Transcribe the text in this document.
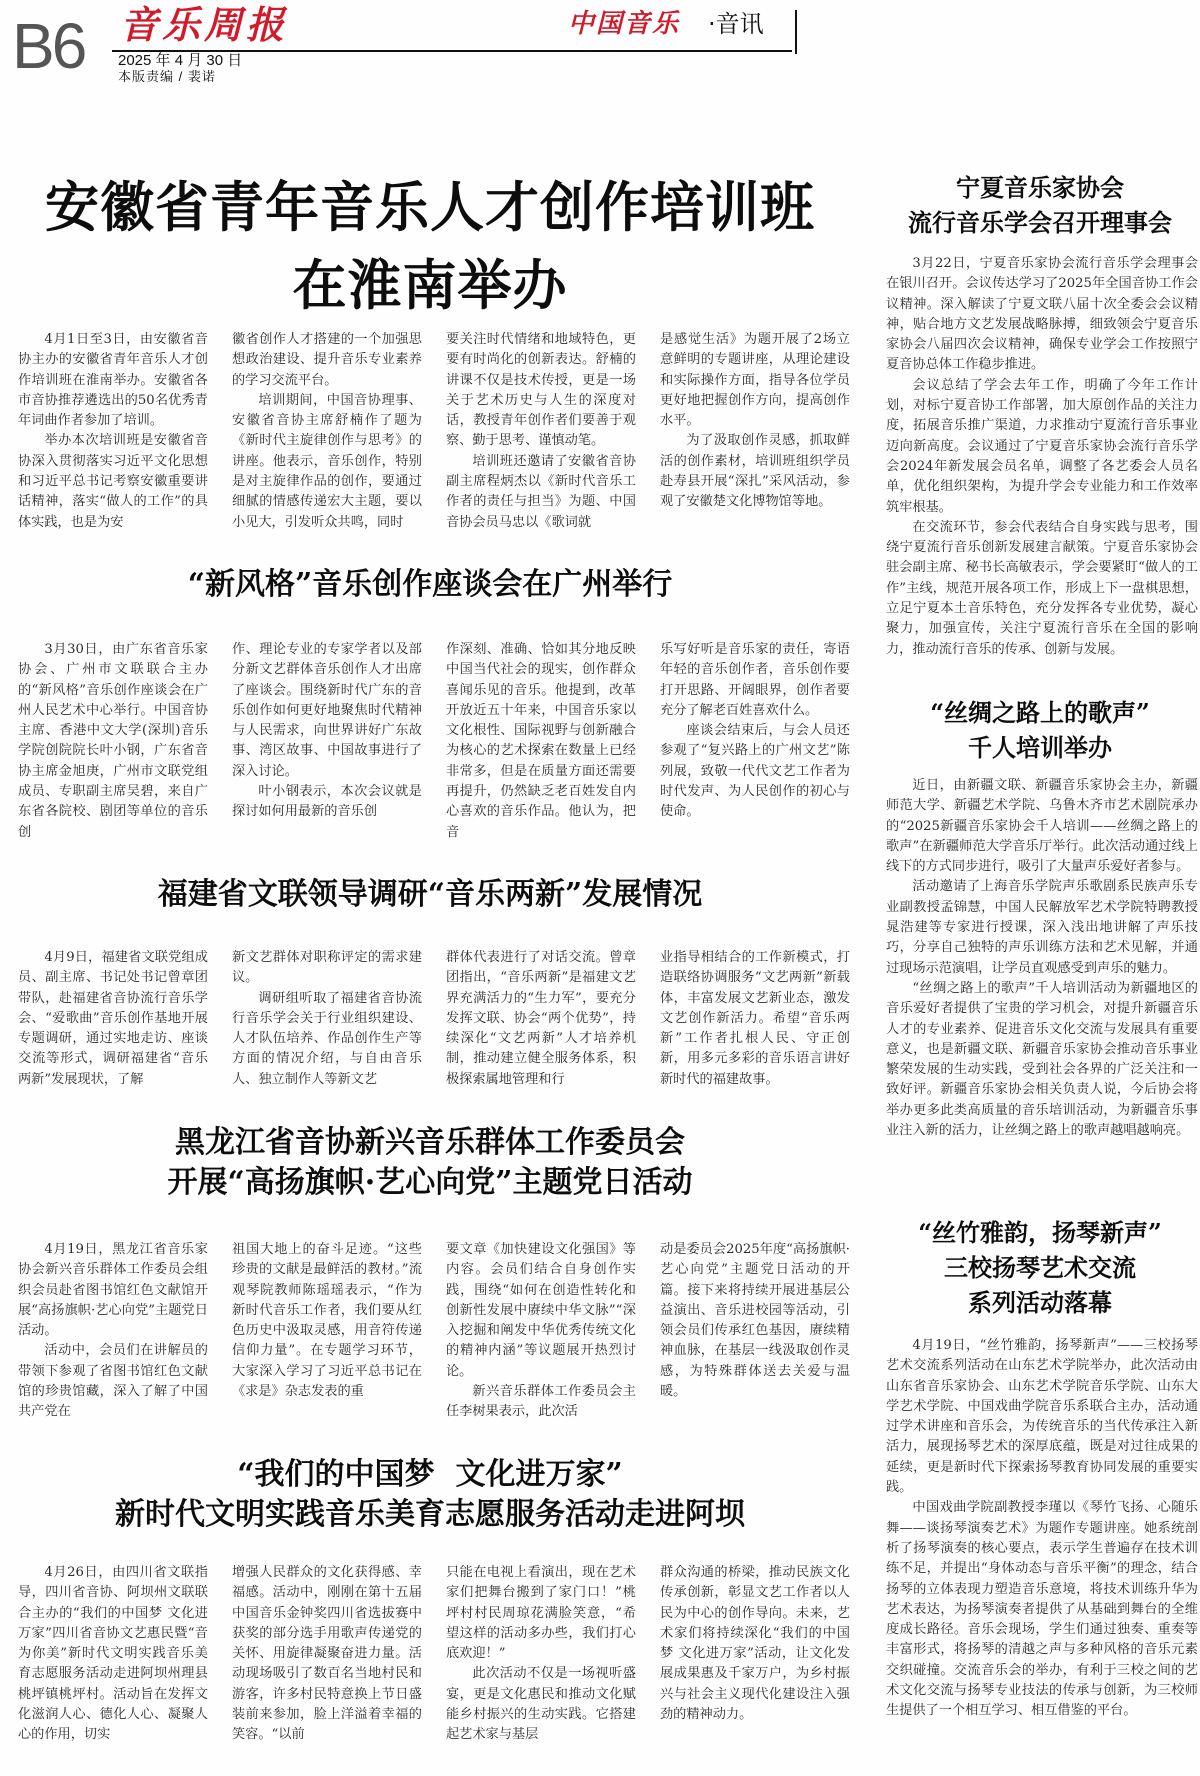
B6 音乐周报
2025 年 4 月 30 日
本版责编 / 裴诺
中国音乐 ·音讯
安徽省青年音乐人才创作培训班
在淮南举办

4月1日至3日，由安徽省音协主办的安徽省青年音乐人才创作培训班在淮南举办。安徽省各市音协推荐遴选出的50名优秀青年词曲作者参加了培训。

举办本次培训班是安徽省音协深入贯彻落实习近平文化思想和习近平总书记考察安徽重要讲话精神，落实“做人的工作”的具体实践，也是为安

徽省创作人才搭建的一个加强思想政治建设、提升音乐专业素养的学习交流平台。

培训期间，中国音协理事、安徽省音协主席舒楠作了题为《新时代主旋律创作与思考》的讲座。他表示，音乐创作，特别是对主旋律作品的创作，要通过细腻的情感传递宏大主题，要以小见大，引发听众共鸣，同时

要关注时代情绪和地域特色，更要有时尚化的创新表达。舒楠的讲课不仅是技术传授，更是一场关于艺术历史与人生的深度对话，教授青年创作者们要善于观察、勤于思考、谨慎动笔。

培训班还邀请了安徽省音协副主席程炳杰以《新时代音乐工作者的责任与担当》为题、中国音协会员马忠以《歌词就

是感觉生活》为题开展了2场立意鲜明的专题讲座，从理论建设和实际操作方面，指导各位学员更好地把握创作方向，提高创作水平。

为了汲取创作灵感，抓取鲜活的创作素材，培训班组织学员赴寿县开展“深扎”采风活动，参观了安徽楚文化博物馆等地。

“新风格”音乐创作座谈会在广州举行

3月30日，由广东省音乐家协会、广州市文联联合主办的“新风格”音乐创作座谈会在广州人民艺术中心举行。中国音协主席、香港中文大学(深圳)音乐学院创院院长叶小钢，广东省音协主席金旭庚，广州市文联党组成员、专职副主席吴碧，来自广东省各院校、剧团等单位的音乐创

作、理论专业的专家学者以及部分新文艺群体音乐创作人才出席了座谈会。围绕新时代广东的音乐创作如何更好地聚焦时代精神与人民需求，向世界讲好广东故事、湾区故事、中国故事进行了深入讨论。

叶小钢表示，本次会议就是探讨如何用最新的音乐创

作深刻、准确、恰如其分地反映中国当代社会的现实，创作群众喜闻乐见的音乐。他提到，改革开放近五十年来，中国音乐家以文化根性、国际视野与创新融合为核心的艺术探索在数量上已经非常多，但是在质量方面还需要再提升，仍然缺乏老百姓发自内心喜欢的音乐作品。他认为，把音

乐写好听是音乐家的责任，寄语年轻的音乐创作者，音乐创作要打开思路、开阔眼界，创作者要充分了解老百姓喜欢什么。

座谈会结束后，与会人员还参观了“复兴路上的广州文艺”陈列展，致敬一代代文艺工作者为时代发声、为人民创作的初心与使命。

福建省文联领导调研“音乐两新”发展情况

4月9日，福建省文联党组成员、副主席、书记处书记曾章团带队，赴福建省音协流行音乐学会、“爱歌曲”音乐创作基地开展专题调研，通过实地走访、座谈交流等形式，调研福建省“音乐两新”发展现状，了解

新文艺群体对职称评定的需求建议。

调研组听取了福建省音协流行音乐学会关于行业组织建设、人才队伍培养、作品创作生产等方面的情况介绍，与自由音乐人、独立制作人等新文艺

群体代表进行了对话交流。曾章团指出，“音乐两新”是福建文艺界充满活力的“生力军”，要充分发挥文联、协会“两个优势”，持续深化“文艺两新”人才培养机制，推动建立健全服务体系，积极探索属地管理和行

业指导相结合的工作新模式，打造联络协调服务“文艺两新”新载体，丰富发展文艺新业态，激发文艺创作新活力。希望“音乐两新”工作者扎根人民、守正创新，用多元多彩的音乐语言讲好新时代的福建故事。

黑龙江省音协新兴音乐群体工作委员会
开展“高扬旗帜·艺心向党”主题党日活动

4月19日，黑龙江省音乐家协会新兴音乐群体工作委员会组织会员赴省图书馆红色文献馆开展“高扬旗帜·艺心向党”主题党日活动。

活动中，会员们在讲解员的带领下参观了省图书馆红色文献馆的珍贵馆藏，深入了解了中国共产党在

祖国大地上的奋斗足迹。“这些珍贵的文献是最鲜活的教材。”流观琴院教师陈瑶瑶表示，“作为新时代音乐工作者，我们要从红色历史中汲取灵感，用音符传递信仰力量”。在专题学习环节，大家深入学习了习近平总书记在《求是》杂志发表的重

要文章《加快建设文化强国》等内容。会员们结合自身创作实践，围绕“如何在创造性转化和创新性发展中赓续中华文脉”“深入挖掘和阐发中华优秀传统文化的精神内涵”等议题展开热烈讨论。

新兴音乐群体工作委员会主任李树果表示，此次活

动是委员会2025年度“高扬旗帜·艺心向党”主题党日活动的开篇。接下来将持续开展进基层公益演出、音乐进校园等活动，引领会员们传承红色基因，赓续精神血脉，在基层一线汲取创作灵感，为特殊群体送去关爱与温暖。

“我们的中国梦  文化进万家”
新时代文明实践音乐美育志愿服务活动走进阿坝

4月26日，由四川省文联指导，四川省音协、阿坝州文联联合主办的“我们的中国梦 文化进万家”四川省音协文艺惠民暨“音为你美”新时代文明实践音乐美育志愿服务活动走进阿坝州理县桃坪镇桃坪村。活动旨在发挥文化滋润人心、德化人心、凝聚人心的作用，切实

增强人民群众的文化获得感、幸福感。活动中，刚刚在第十五届中国音乐金钟奖四川省选拔赛中获奖的部分选手用歌声传递党的关怀、用旋律凝聚奋进力量。活动现场吸引了数百名当地村民和游客，许多村民特意换上节日盛装前来参加，脸上洋溢着幸福的笑容。“以前

只能在电视上看演出，现在艺术家们把舞台搬到了家门口！”桃坪村村民周琼花满脸笑意，“希望这样的活动多办些，我们打心底欢迎！”

此次活动不仅是一场视听盛宴，更是文化惠民和推动文化赋能乡村振兴的生动实践。它搭建起艺术家与基层

群众沟通的桥梁，推动民族文化传承创新，彰显文艺工作者以人民为中心的创作导向。未来，艺术家们将持续深化“我们的中国梦 文化进万家”活动，让文化发展成果惠及千家万户，为乡村振兴与社会主义现代化建设注入强劲的精神动力。

宁夏音乐家协会
流行音乐学会召开理事会

3月22日，宁夏音乐家协会流行音乐学会理事会在银川召开。会议传达学习了2025年全国音协工作会议精神。深入解读了宁夏文联八届十次全委会会议精神，贴合地方文艺发展战略脉搏，细致领会宁夏音乐家协会八届四次会议精神，确保专业学会工作按照宁夏音协总体工作稳步推进。

会议总结了学会去年工作，明确了今年工作计划，对标宁夏音协工作部署，加大原创作品的关注力度，拓展音乐推广渠道，力求推动宁夏流行音乐事业迈向新高度。会议通过了宁夏音乐家协会流行音乐学会2024年新发展会员名单，调整了各艺委会人员名单，优化组织架构，为提升学会专业能力和工作效率筑牢根基。

在交流环节，参会代表结合自身实践与思考，围绕宁夏流行音乐创新发展建言献策。宁夏音乐家协会驻会副主席、秘书长高敏表示，学会要紧盯“做人的工作”主线，规范开展各项工作，形成上下一盘棋思想，立足宁夏本土音乐特色，充分发挥各专业优势，凝心聚力，加强宣传，关注宁夏流行音乐在全国的影响力，推动流行音乐的传承、创新与发展。

“丝绸之路上的歌声”
千人培训举办

近日，由新疆文联、新疆音乐家协会主办，新疆师范大学、新疆艺术学院、乌鲁木齐市艺术剧院承办的“2025新疆音乐家协会千人培训——丝绸之路上的歌声”在新疆师范大学音乐厅举行。此次活动通过线上线下的方式同步进行，吸引了大量声乐爱好者参与。

活动邀请了上海音乐学院声乐歌剧系民族声乐专业副教授孟锦慧，中国人民解放军艺术学院特聘教授晁浩建等专家进行授课，深入浅出地讲解了声乐技巧，分享自己独特的声乐训练方法和艺术见解，并通过现场示范演唱，让学员直观感受到声乐的魅力。

“丝绸之路上的歌声”千人培训活动为新疆地区的音乐爱好者提供了宝贵的学习机会，对提升新疆音乐人才的专业素养、促进音乐文化交流与发展具有重要意义，也是新疆文联、新疆音乐家协会推动音乐事业繁荣发展的生动实践，受到社会各界的广泛关注和一致好评。新疆音乐家协会相关负责人说，今后协会将举办更多此类高质量的音乐培训活动，为新疆音乐事业注入新的活力，让丝绸之路上的歌声越唱越响亮。

“丝竹雅韵，扬琴新声”
三校扬琴艺术交流
系列活动落幕

4月19日，“丝竹雅韵，扬琴新声”——三校扬琴艺术交流系列活动在山东艺术学院举办，此次活动由山东省音乐家协会、山东艺术学院音乐学院、山东大学艺术学院、中国戏曲学院音乐系联合主办，活动通过学术讲座和音乐会，为传统音乐的当代传承注入新活力，展现扬琴艺术的深厚底蕴，既是对过往成果的延续，更是新时代下探索扬琴教育协同发展的重要实践。

中国戏曲学院副教授李瑾以《琴竹飞扬、心随乐舞——谈扬琴演奏艺术》为题作专题讲座。她系统剖析了扬琴演奏的核心要点，表示学生普遍存在技术训练不足，并提出“身体动态与音乐平衡”的理念，结合扬琴的立体表现力塑造音乐意境，将技术训练升华为艺术表达，为扬琴演奏者提供了从基础到舞台的全维度成长路径。音乐会现场，学生们通过独奏、重奏等丰富形式，将扬琴的清越之声与多种风格的音乐元素交织碰撞。交流音乐会的举办，有利于三校之间的艺术文化交流与扬琴专业技法的传承与创新，为三校师生提供了一个相互学习、相互借鉴的平台。
